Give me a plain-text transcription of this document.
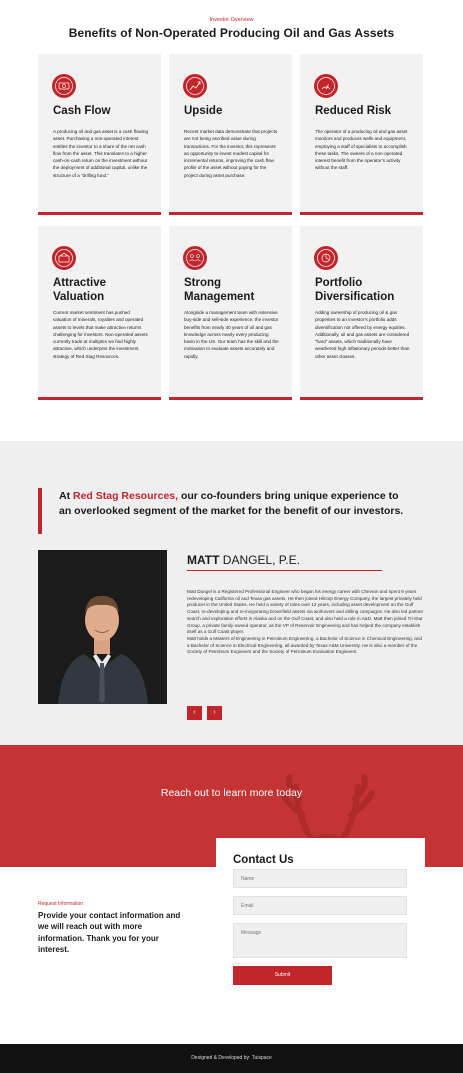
Investor Overview
Benefits of Non-Operated Producing Oil and Gas Assets
Cash Flow
A producing oil and gas asset is a cash flowing asset. Purchasing a non-operated interest entitles the investor to a share of the net cash flow from the asset. This translates to a higher cash-on-cash return on the investment without the deployment of additional capital, unlike the structure of a “drilling fund.”
Upside
Recent market data demonstrate that projects are not being ascribed value during transactions. For the investor, this represents an opportunity to invest modest capital for incremental returns, improving the cash flow profile of the asset without paying for the project during asset purchase.
Reduced Risk
The operator of a producing oil and gas asset monitors and produces wells and equipment, employing a staff of specialists to accomplish these tasks. The owners of a non-operated interest benefit from the operator’s activity without the staff.
Attractive Valuation
Current market sentiment has pushed valuation of minerals, royalties and operated assets to levels that make attractive returns challenging for investors. Non-operated assets currently trade at multiples we find highly attractive, which underpins the investment strategy of Red Stag Resources.
Strong Management
Alongside a management team with extensive buy-side and sell-side experience, the investor benefits from nearly 40 years of oil and gas knowledge across nearly every producing basin in the US. Our team has the skill and the motivation to evaluate assets accurately and rapidly.
Portfolio Diversification
Adding ownership of producing oil & gas properties to an investor’s portfolio adds diversification not offered by energy equities. Additionally, oil and gas assets are considered “hard” assets, which traditionally have weathered high inflationary periods better than other asset classes.
At Red Stag Resources, our co-founders bring unique experience to an overlooked segment of the market for the benefit of our investors.
MATT DANGEL, P.E.
Matt Dangel is a Registered Professional Engineer who began his energy career with Chevron and spent 6 years redeveloping California oil and Texas gas assets. He then joined Hilcorp Energy Company, the largest privately held producer in the United States. He held a variety of roles over 12 years, including asset development on the Gulf Coast, re-developing and re-invigorating brownfield assets via workovers and drilling campaigns. He also led partner search and exploration efforts in Alaska and on the Gulf Coast, and also held a role in A&D. Matt then joined Tri-Star Group, a private family-owned operator, as the VP of Reservoir Engineering and has helped the company establish itself as a Gulf Coast player.
Matt holds a Masters of Engineering in Petroleum Engineering, a Bachelor of Science in Chemical Engineering, and a Bachelor of Science in Electrical Engineering, all awarded by Texas A&M University. He is also a member of the Society of Petroleum Engineers and the Society of Petroleum Evaluation Engineers.
‹	›
Reach out to learn more today
Contact Us
Name
Email
Message
Submit
Request Information
Provide your contact information and we will reach out with more information. Thank you for your interest.
Designed & Developed by: Tuispace
